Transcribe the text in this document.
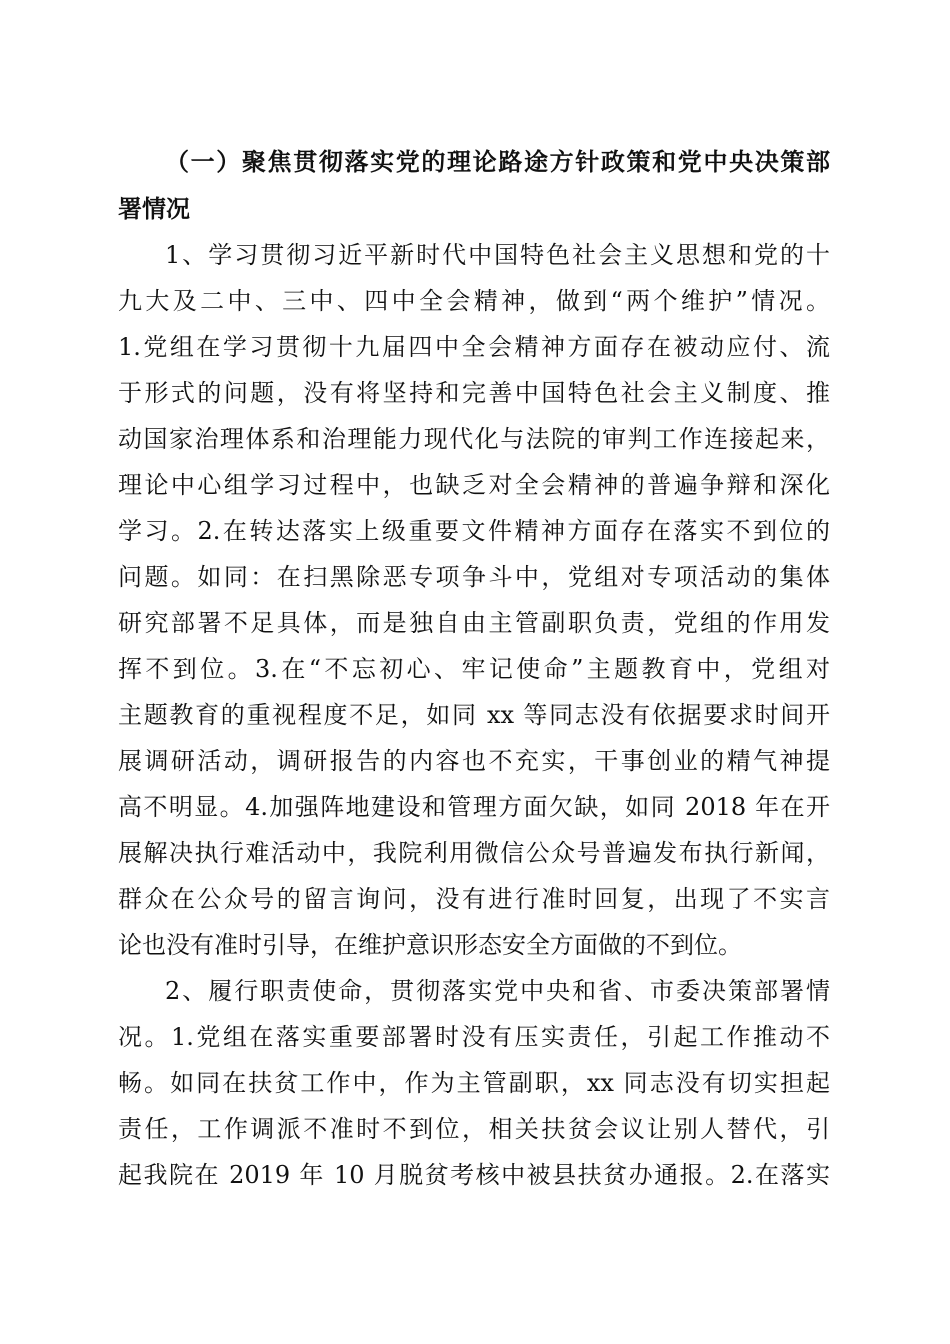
（一）聚焦贯彻落实党的理论路途方针政策和党中央决策部
署情况
1、学习贯彻习近平新时代中国特色社会主义思想和党的十
九大及二中、三中、四中全会精神，做到“两个维护”情况。
1.党组在学习贯彻十九届四中全会精神方面存在被动应付、流
于形式的问题，没有将坚持和完善中国特色社会主义制度、推
动国家治理体系和治理能力现代化与法院的审判工作连接起来，
理论中心组学习过程中，也缺乏对全会精神的普遍争辩和深化
学习。2.在转达落实上级重要文件精神方面存在落实不到位的
问题。如同：在扫黑除恶专项争斗中，党组对专项活动的集体
研究部署不足具体，而是独自由主管副职负责，党组的作用发
挥不到位。3.在“不忘初心、牢记使命”主题教育中，党组对
主题教育的重视程度不足，如同 xx 等同志没有依据要求时间开
展调研活动，调研报告的内容也不充实，干事创业的精气神提
高不明显。4.加强阵地建设和管理方面欠缺，如同 2018 年在开
展解决执行难活动中，我院利用微信公众号普遍发布执行新闻，
群众在公众号的留言询问，没有进行准时回复，出现了不实言
论也没有准时引导，在维护意识形态安全方面做的不到位。
2、履行职责使命，贯彻落实党中央和省、市委决策部署情
况。1.党组在落实重要部署时没有压实责任，引起工作推动不
畅。如同在扶贫工作中，作为主管副职，xx 同志没有切实担起
责任，工作调派不准时不到位，相关扶贫会议让别人替代，引
起我院在 2019 年 10 月脱贫考核中被县扶贫办通报。2.在落实
